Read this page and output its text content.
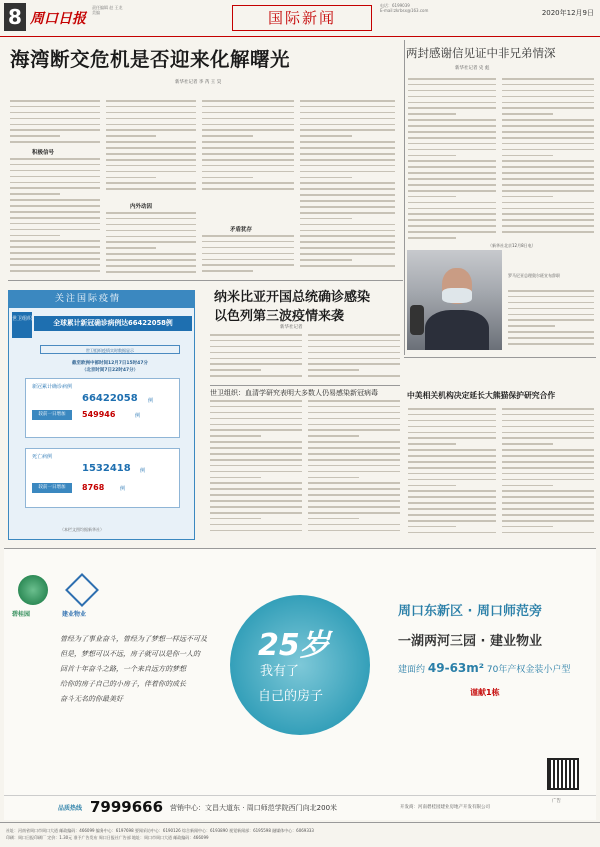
8 周口日报
责任编辑 赵 王龙
美编	国际新闻
电话：6199039
E-mail:zkrbsx@163.com	2020年12月9日
海湾断交危机是否迎来化解曙光
新华社记者 李 芮 王 昊
积极信号
内外动因
矛盾犹存
两封感谢信见证中非兄弟情深
新华社记者 史 彪
（新华社北京12月8日电）
罗马尼亚总理奥尔班宣布辞职
关注国际疫情
世卫组织	全球累计新冠确诊病例达66422058例
世卫组织疫情实时数据显示
截至欧洲中部时间12月7日15时47分
（北京时间7日22时47分）
新冠累计确诊病例
66422058 例
较前一日增加	549946	例
死亡病例
1532418 例
较前一日增加	8768	例
（本栏文图均据新华社）
纳米比亚开国总统确诊感染
以色列第三波疫情来袭
新华社记者
世卫组织：血清学研究表明大多数人仍易感染新冠病毒	中美相关机构决定延长大熊猫保护研究合作
碧桂园	建业物业
曾经为了事业奋斗，曾经为了梦想一样远不可及
但是，梦想可以不远，房子就可以是你一人的
回首十年奋斗之路，一个来自远方的梦想
给你的房子自己的小房子，伴着你的成长
奋斗无名的你最美好
25岁
我有了
自己的房子
周口东新区 · 周口师范旁
一湖两河三园 · 建业物业
建面约 49-63m² 70年产权金装小户型
谨献1栋
品质热线 7999666 营销中心：文昌大道东 · 周口师范学院西门向北200米	开发商：河南碧桂园建业房地产开发有限公司
广告
社址：河南省周口市周口大道 邮政编码：466099 编务中心：6197698 要闻采访中心：6190126 综合新闻中心：6193890 视觉新闻部：6195598 融媒体中心：6069333
印刷：周口日报印刷厂 定价：1.30元 准予广告发布 周口日报社广告部 地址：周口市周口大道 邮政编码：466099
